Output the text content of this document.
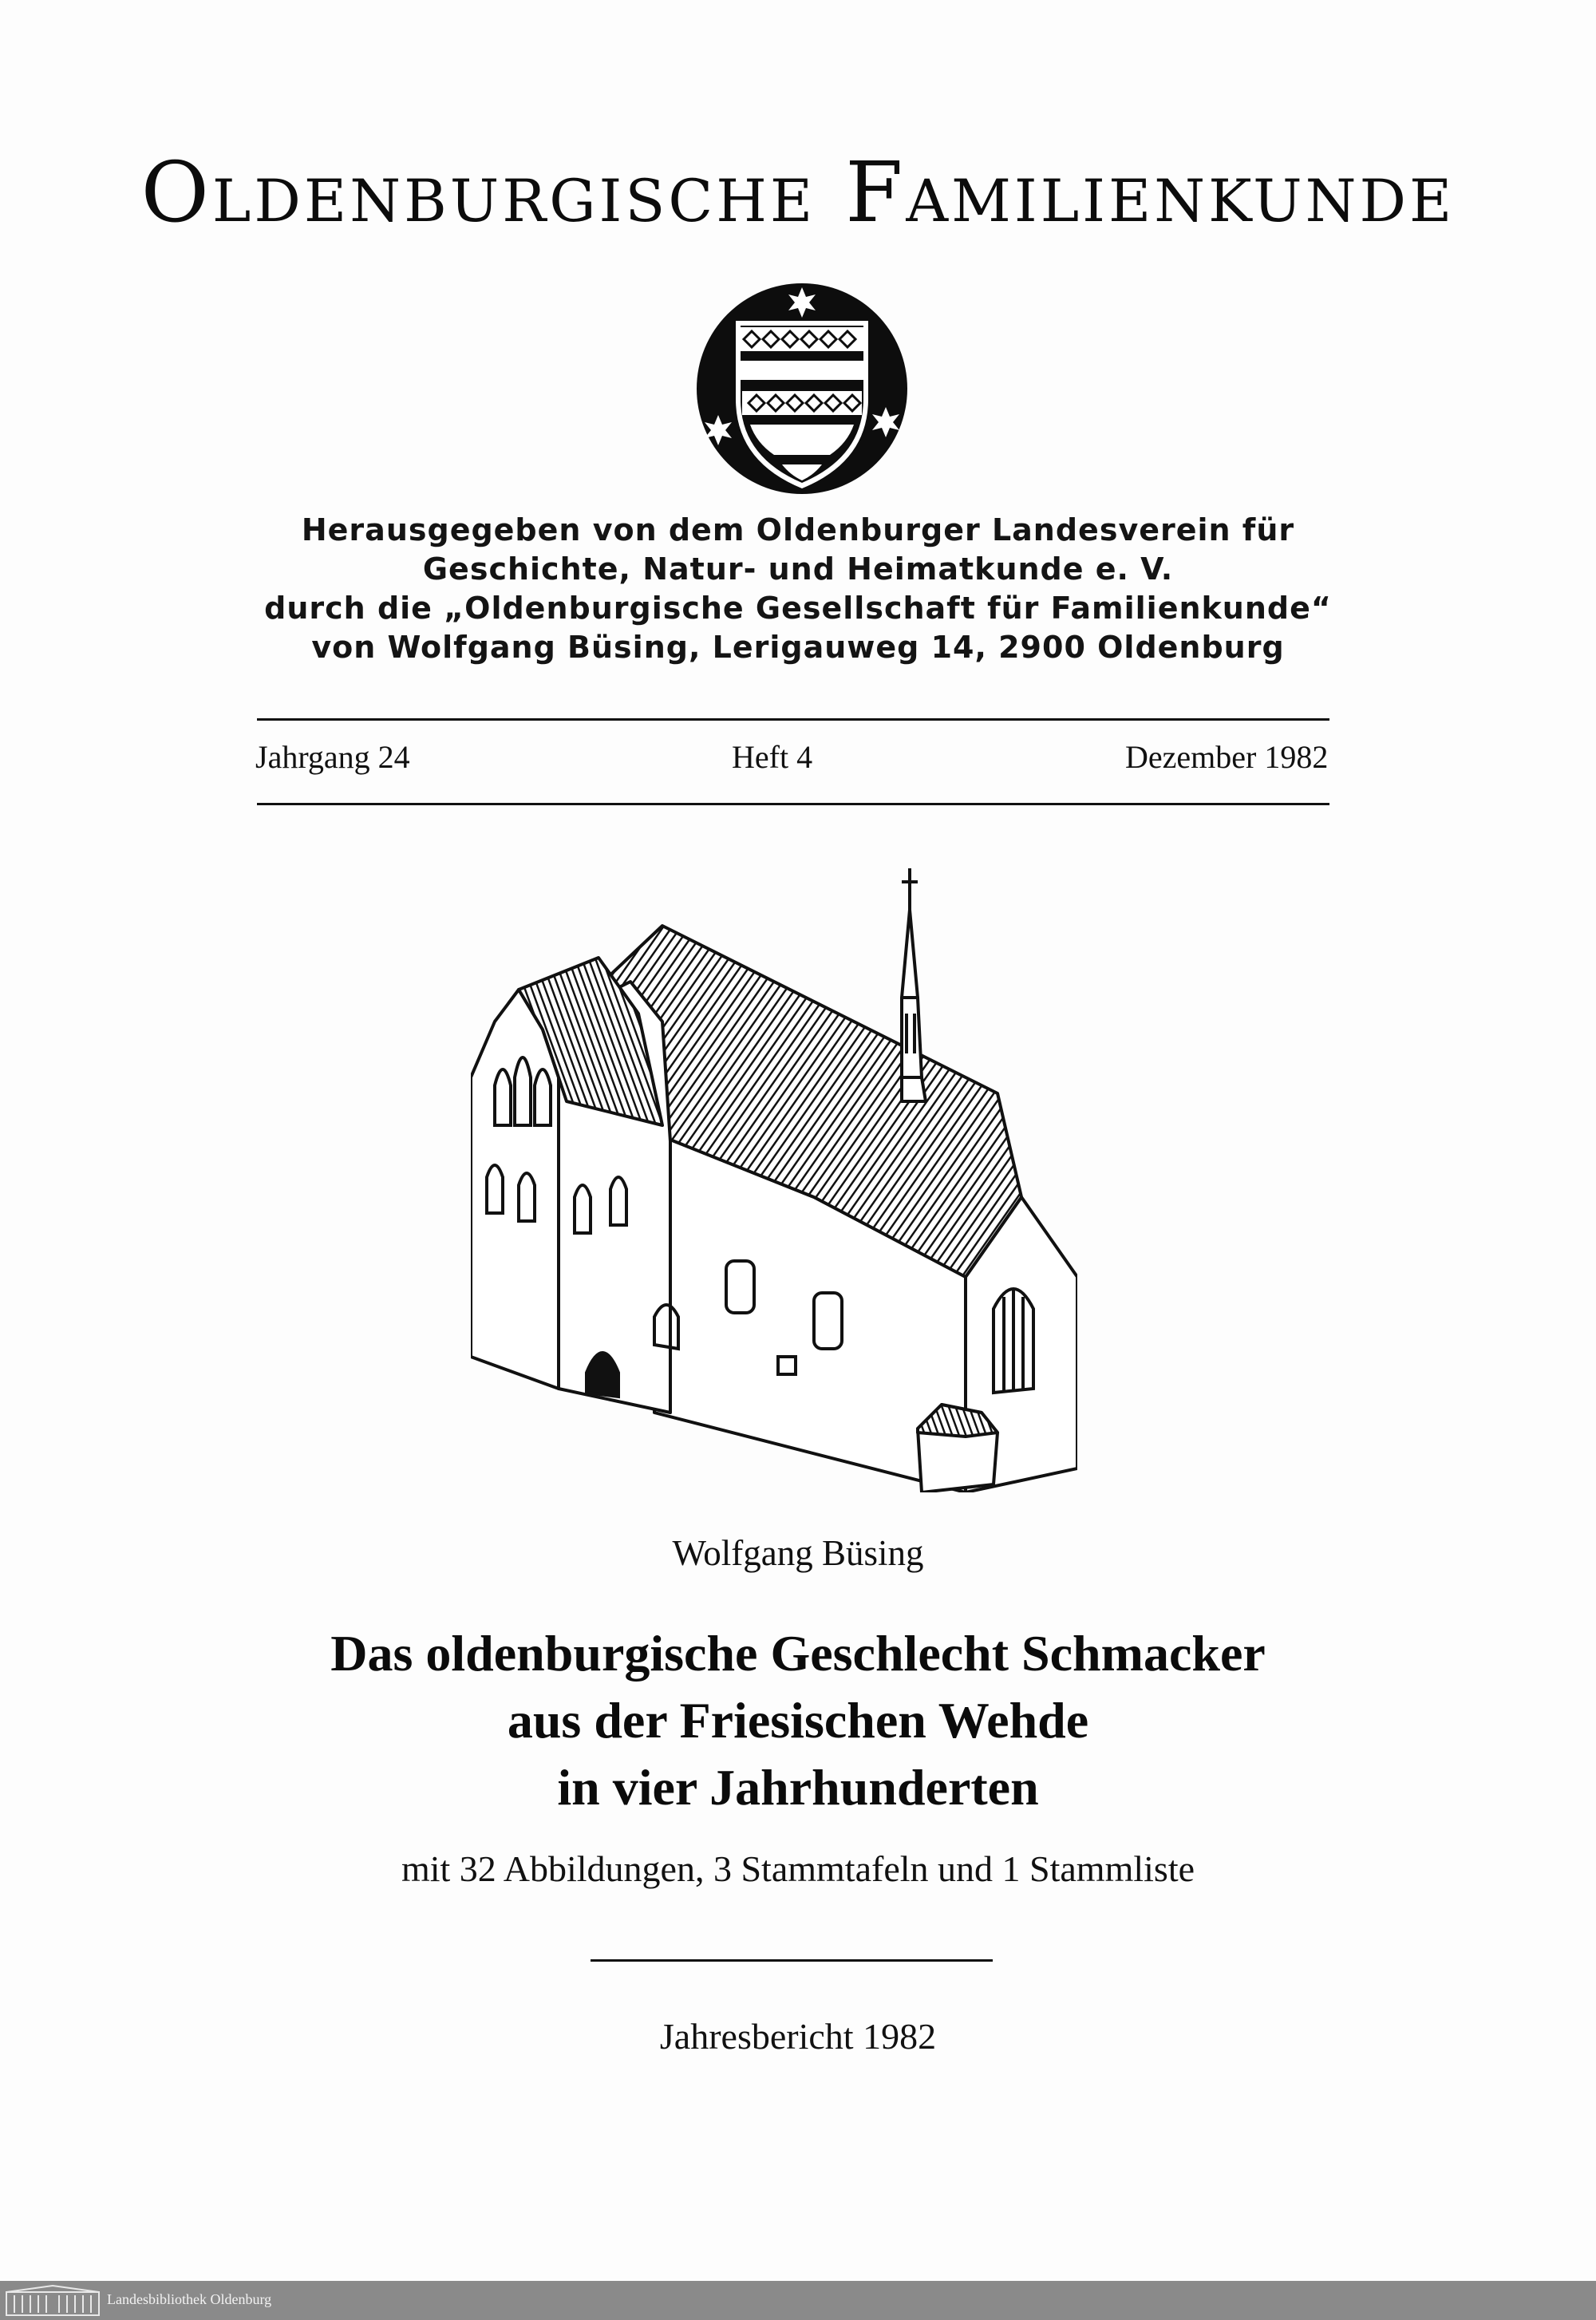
Oldenburgische Familienkunde
Herausgegeben von dem Oldenburger Landesverein für
Geschichte, Natur- und Heimatkunde e. V.
durch die „Oldenburgische Gesellschaft für Familienkunde“
von Wolfgang Büsing, Lerigauweg 14, 2900 Oldenburg
Jahrgang 24	Heft 4	Dezember 1982
Wolfgang Büsing
Das oldenburgische Geschlecht Schmacker
aus der Friesischen Wehde
in vier Jahrhunderten
mit 32 Abbildungen, 3 Stammtafeln und 1 Stammliste
Jahresbericht 1982
Landesbibliothek Oldenburg
